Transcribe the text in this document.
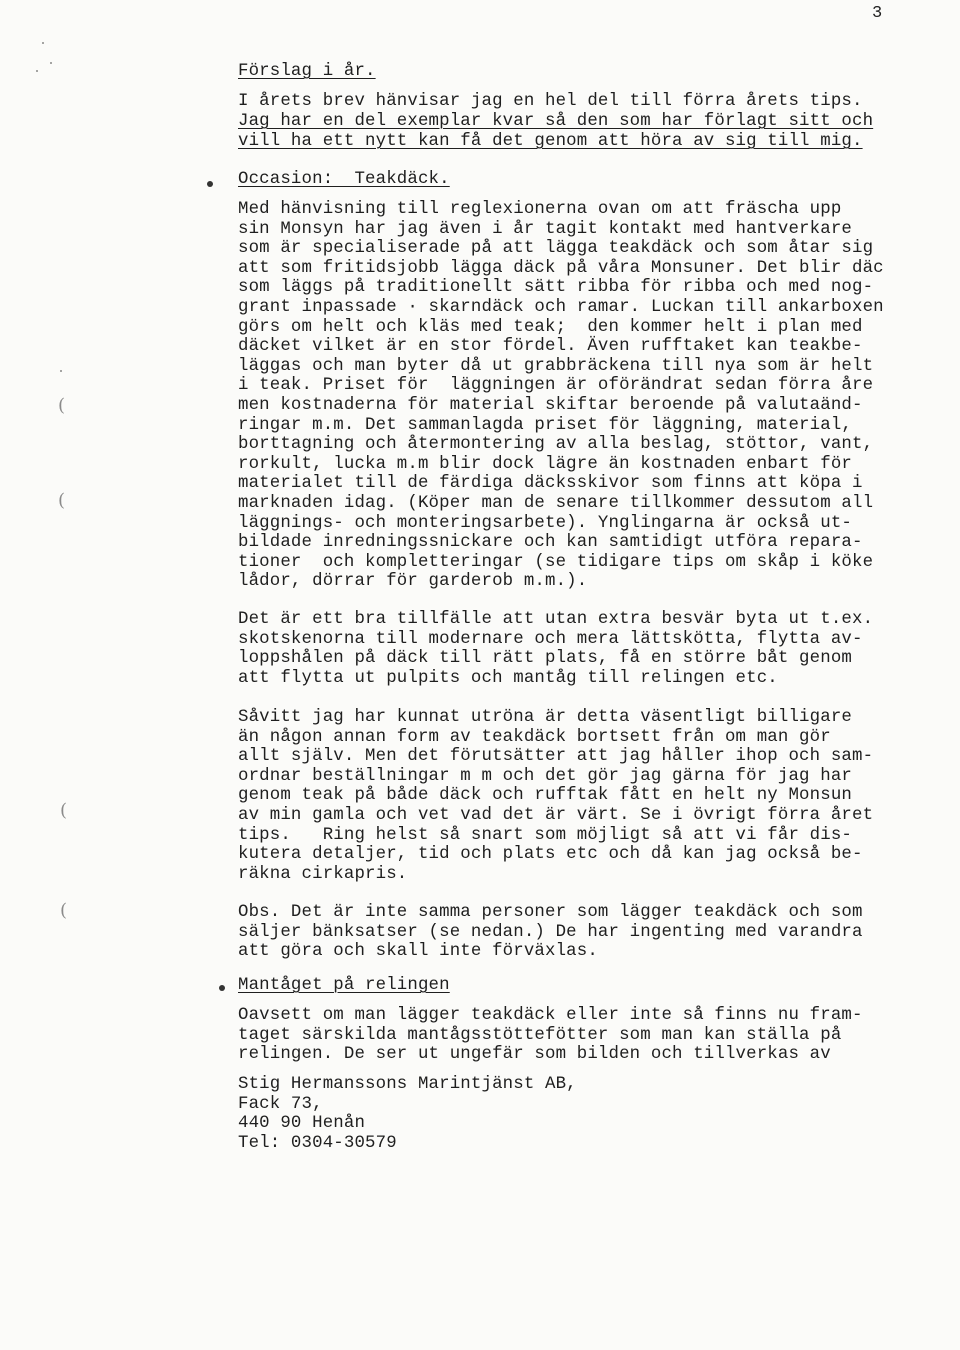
3
Förslag i år.
I årets brev hänvisar jag en hel del till förra årets tips.
Jag har en del exemplar kvar så den som har förlagt sitt och
vill ha ett nytt kan få det genom att höra av sig till mig.
Occasion:  Teakdäck.
Med hänvisning till reglexionerna ovan om att fräscha upp
sin Monsyn har jag även i år tagit kontakt med hantverkare
som är specialiserade på att lägga teakdäck och som åtar sig
att som fritidsjobb lägga däck på våra Monsuner. Det blir däc
som läggs på traditionellt sätt ribba för ribba och med nog-
grant inpassade · skarndäck och ramar. Luckan till ankarboxen
görs om helt och kläs med teak;  den kommer helt i plan med
däcket vilket är en stor fördel. Även rufftaket kan teakbe-
läggas och man byter då ut grabbräckena till nya som är helt
i teak. Priset för  läggningen är oförändrat sedan förra åre
men kostnaderna för material skiftar beroende på valutaänd-
ringar m.m. Det sammanlagda priset för läggning, material,
borttagning och återmontering av alla beslag, stöttor, vant,
rorkult, lucka m.m blir dock lägre än kostnaden enbart för
materialet till de färdiga däcksskivor som finns att köpa i
marknaden idag. (Köper man de senare tillkommer dessutom all
läggnings- och monteringsarbete). Ynglingarna är också ut-
bildade inredningssnickare och kan samtidigt utföra repara-
tioner  och kompletteringar (se tidigare tips om skåp i köke
lådor, dörrar för garderob m.m.).
Det är ett bra tillfälle att utan extra besvär byta ut t.ex.
skotskenorna till modernare och mera lättskötta, flytta av-
loppshålen på däck till rätt plats, få en större båt genom
att flytta ut pulpits och mantåg till relingen etc.
Såvitt jag har kunnat utröna är detta väsentligt billigare
än någon annan form av teakdäck bortsett från om man gör
allt själv. Men det förutsätter att jag håller ihop och sam-
ordnar beställningar m m och det gör jag gärna för jag har
genom teak på både däck och rufftak fått en helt ny Monsun
av min gamla och vet vad det är värt. Se i övrigt förra året
tips.   Ring helst så snart som möjligt så att vi får dis-
kutera detaljer, tid och plats etc och då kan jag också be-
räkna cirkapris.
Obs. Det är inte samma personer som lägger teakdäck och som
säljer bänksatser (se nedan.) De har ingenting med varandra
att göra och skall inte förväxlas.
Mantåget på relingen
Oavsett om man lägger teakdäck eller inte så finns nu fram-
taget särskilda mantågsstöttefötter som man kan ställa på
relingen. De ser ut ungefär som bilden och tillverkas av
Stig Hermanssons Marintjänst AB,
Fack 73,
440 90 Henån
Tel: 0304-30579
(
(
(
(
